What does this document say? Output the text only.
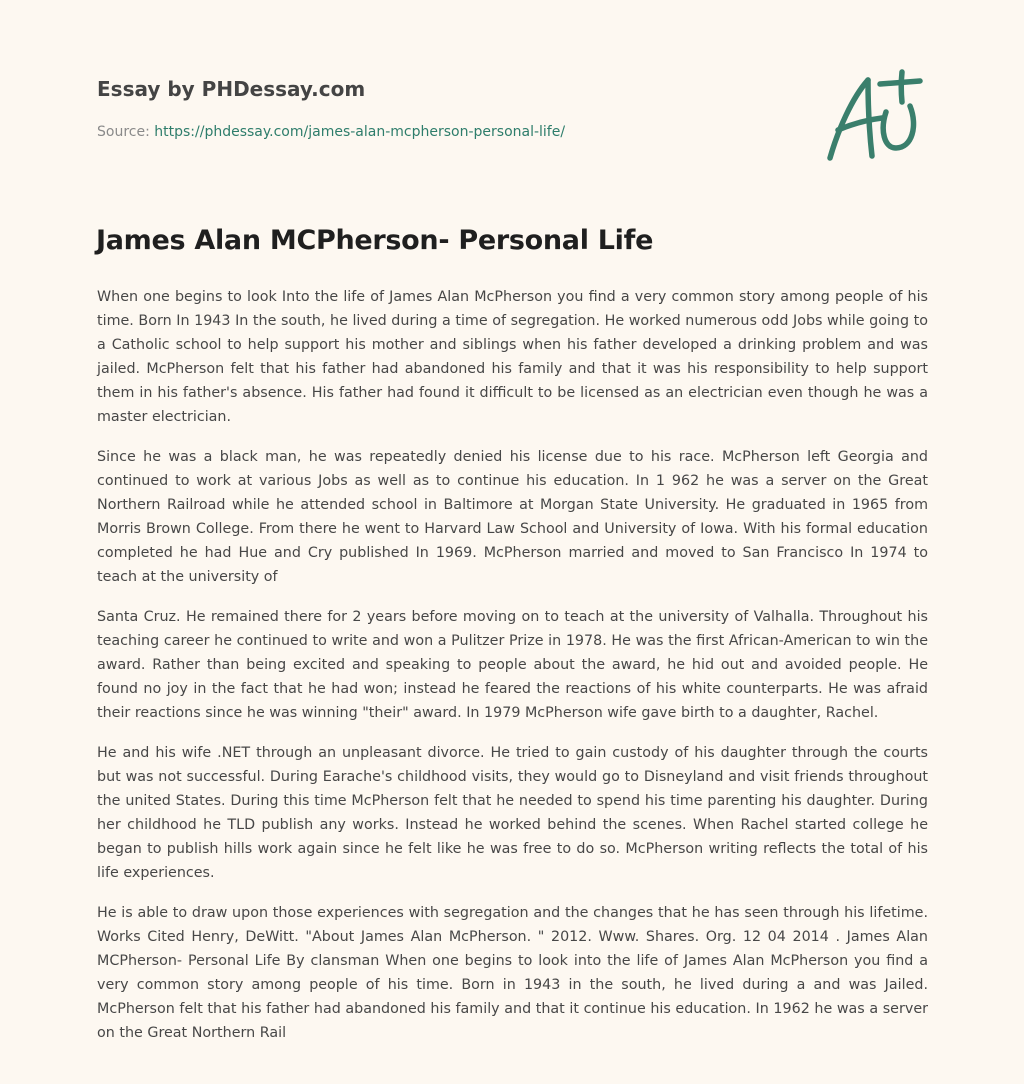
Essay by PHDessay.com
Source: https://phdessay.com/james-alan-mcpherson-personal-life/
James Alan MCPherson- Personal Life

When one begins to look Into the life of James Alan McPherson you find a very common story among people of his time. Born In 1943 In the south, he lived during a time of segregation. He worked numerous odd Jobs while going to a Catholic school to help support his mother and siblings when his father developed a drinking problem and was jailed. McPherson felt that his father had abandoned his family and that it was his responsibility to help support them in his father's absence. His father had found it difficult to be licensed as an electrician even though he was a master electrician.

Since he was a black man, he was repeatedly denied his license due to his race. McPherson left Georgia and continued to work at various Jobs as well as to continue his education. In 1 962 he was a server on the Great Northern Railroad while he attended school in Baltimore at Morgan State University. He graduated in 1965 from Morris Brown College. From there he went to Harvard Law School and University of Iowa. With his formal education completed he had Hue and Cry published In 1969. McPherson married and moved to San Francisco In 1974 to teach at the university of

Santa Cruz. He remained there for 2 years before moving on to teach at the university of Valhalla. Throughout his teaching career he continued to write and won a Pulitzer Prize in 1978. He was the first African-American to win the award. Rather than being excited and speaking to people about the award, he hid out and avoided people. He found no joy in the fact that he had won; instead he feared the reactions of his white counterparts. He was afraid their reactions since he was winning "their" award. In 1979 McPherson wife gave birth to a daughter, Rachel.

He and his wife .NET through an unpleasant divorce. He tried to gain custody of his daughter through the courts but was not successful. During Earache's childhood visits, they would go to Disneyland and visit friends throughout the united States. During this time McPherson felt that he needed to spend his time parenting his daughter. During her childhood he TLD publish any works. Instead he worked behind the scenes. When Rachel started college he began to publish hills work again since he felt like he was free to do so. McPherson writing reflects the total of his life experiences.

He is able to draw upon those experiences with segregation and the changes that he has seen through his lifetime. Works Cited Henry, DeWitt. "About James Alan McPherson. " 2012. Www. Shares. Org. 12 04 2014 . James Alan MCPherson- Personal Life By clansman When one begins to look into the life of James Alan McPherson you find a very common story among people of his time. Born in 1943 in the south, he lived during a and was Jailed. McPherson felt that his father had abandoned his family and that it continue his education. In 1962 he was a server on the Great Northern Rail
